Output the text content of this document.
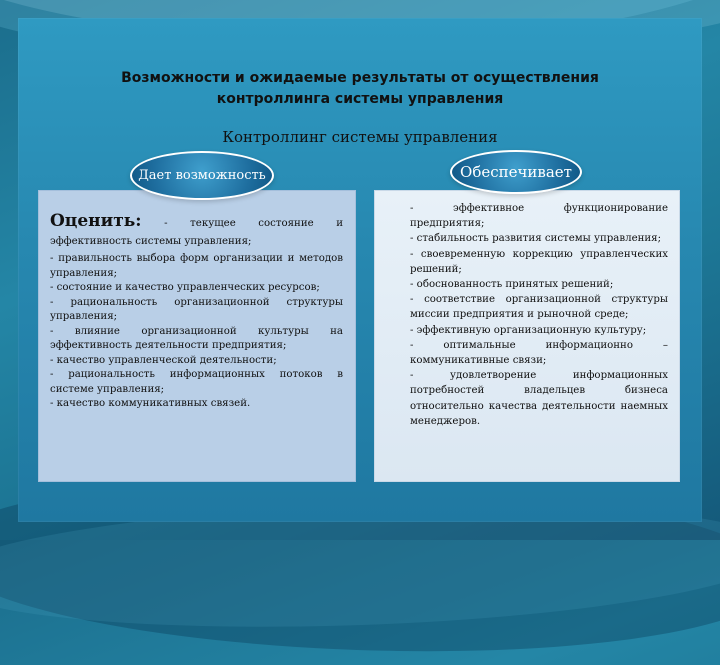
Возможности и ожидаемые результаты от осуществления
контроллинга системы управления
Контроллинг системы управления
Дает возможность	Обеспечивает

Оценить: - текущее состояние и эффективность системы управления;

- правильность выбора форм организации и методов управления;

- состояние и качество управленческих ресурсов;

- рациональность организационной структуры управления;

- влияние организационной культуры на эффективность деятельности предприятия;

- качество управленческой деятельности;

- рациональность информационных потоков в системе управления;

- качество коммуникативных связей.

- эффективное функционирование предприятия;

- стабильность развития системы управления;

- своевременную коррекцию управленческих решений;

- обоснованность принятых решений;

- соответствие организационной структуры миссии предприятия и рыночной среде;

- эффективную организационную культуру;

- оптимальные информационно – коммуникативные связи;

- удовлетворение информационных потребностей владельцев бизнеса относительно качества деятельности наемных менеджеров.
